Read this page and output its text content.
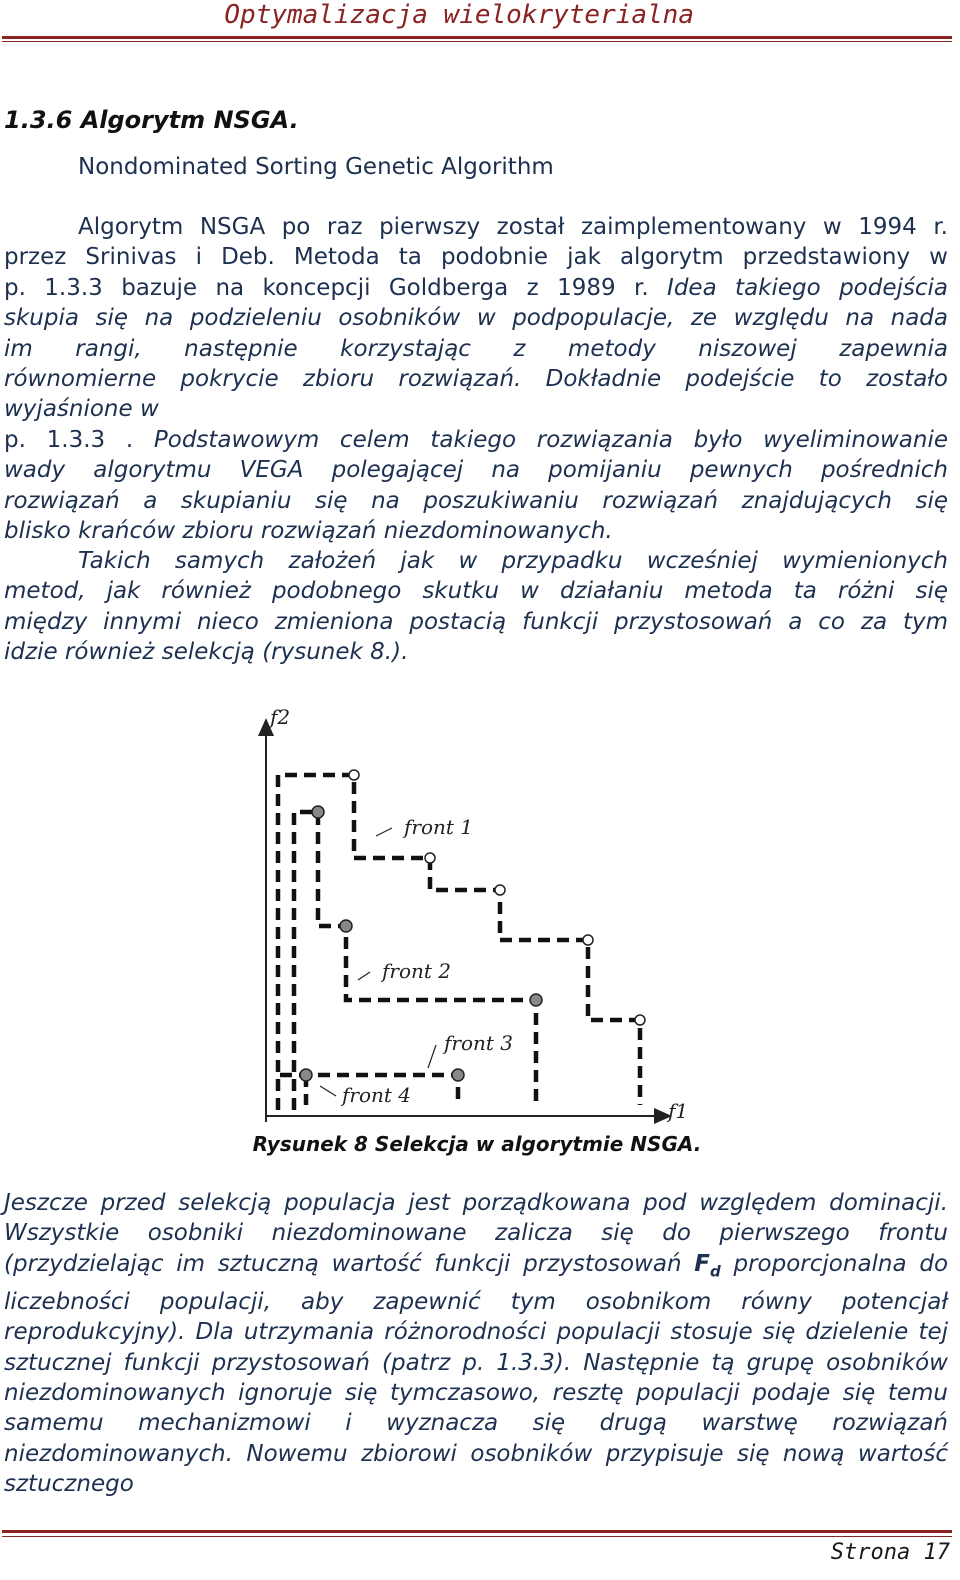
Optymalizacja wielokryterialna
1.3.6 Algorytm NSGA.
Nondominated Sorting Genetic Algorithm
Algorytm NSGA po raz pierwszy został zaimplementowany w 1994 r.
przez Srinivas i Deb. Metoda ta podobnie jak algorytm przedstawiony w
p. 1.3.3 bazuje na koncepcji Goldberga z 1989 r. Idea takiego podejścia
skupia się na podzieleniu osobników w podpopulacje, ze względu na nada
im rangi, następnie korzystając z metody niszowej zapewnia
równomierne pokrycie zbioru rozwiązań. Dokładnie podejście to zostało
wyjaśnione w
p. 1.3.3 . Podstawowym celem takiego rozwiązania było wyeliminowanie
wady algorytmu VEGA polegającej na pomijaniu pewnych pośrednich
rozwiązań a skupianiu się na poszukiwaniu rozwiązań znajdujących się
blisko krańców zbioru rozwiązań niezdominowanych.
Takich samych założeń jak w przypadku wcześniej wymienionych
metod, jak również podobnego skutku w działaniu metoda ta różni się
między innymi nieco zmieniona postacią funkcji przystosowań a co za tym
idzie również selekcją (rysunek 8.).
f2
f1
front 1
front 2
front 3
front 4
Rysunek 8 Selekcja w algorytmie NSGA.
Jeszcze przed selekcją populacja jest porządkowana pod względem dominacji. Wszystkie osobniki niezdominowane zalicza się do pierwszego frontu (przydzielając im sztuczną wartość funkcji przystosowań $F_d$ proporcjonalna do liczebności populacji, aby zapewnić tym osobnikom równy potencjał reprodukcyjny). Dla utrzymania różnorodności populacji stosuje się dzielenie tej sztucznej funkcji przystosowań (patrz p. 1.3.3). Następnie tą grupę osobników niezdominowanych ignoruje się tymczasowo, resztę populacji podaje się temu samemu mechanizmowi i wyznacza się drugą warstwę rozwiązań niezdominowanych. Nowemu zbiorowi osobników przypisuje się nową wartość sztucznego
Strona 17
